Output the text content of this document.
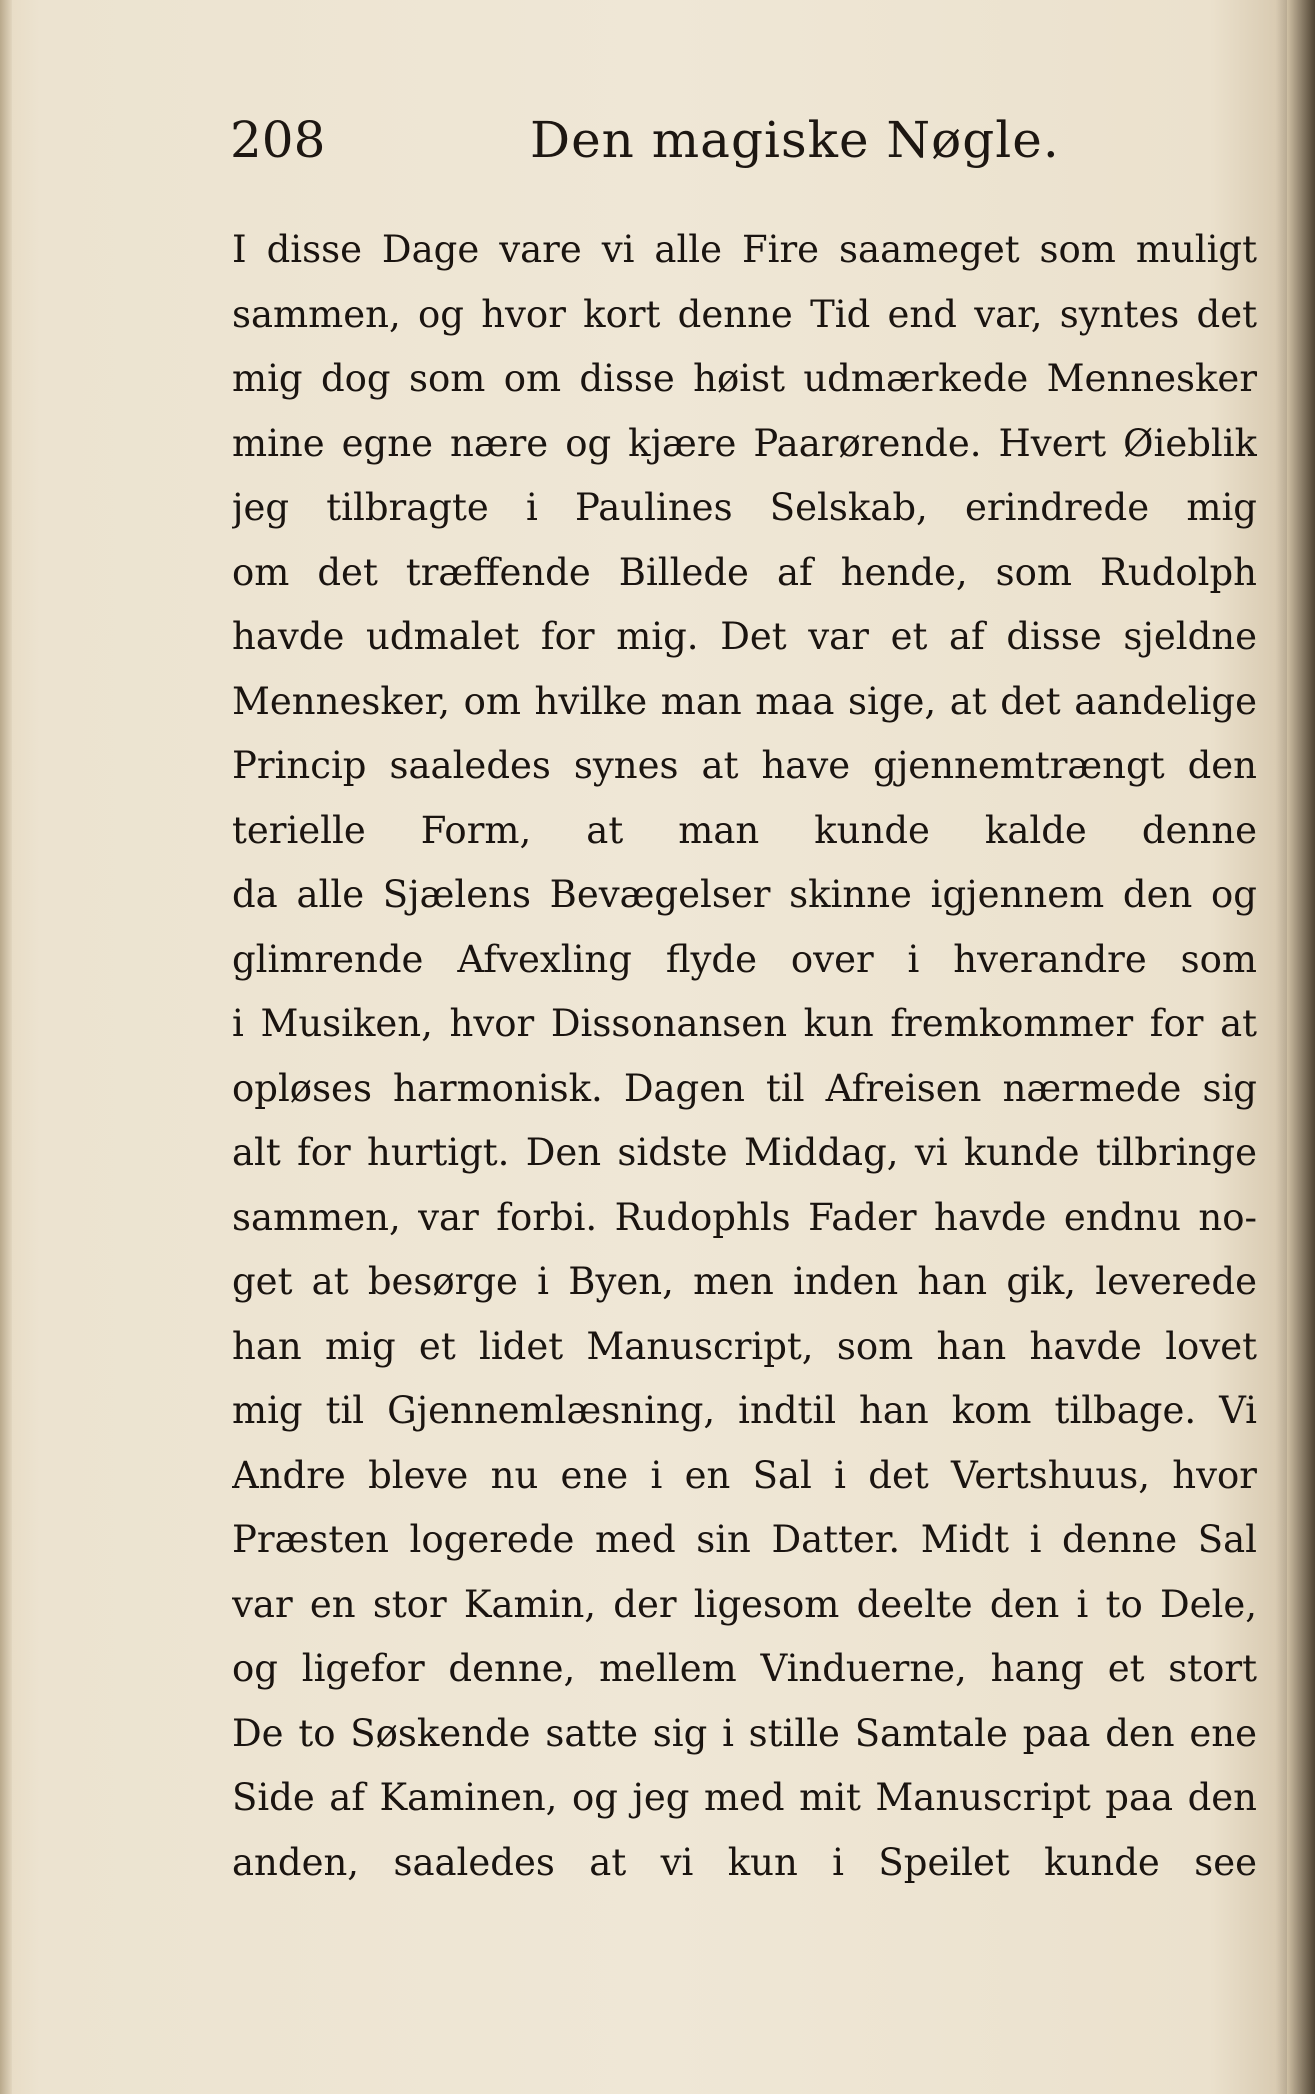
208	Den magiske Nøgle.
I disse Dage vare vi alle Fire saameget som muligt
sammen, og hvor kort denne Tid end var, syntes det
mig dog som om disse høist udmærkede Mennesker
mine egne nære og kjære Paarørende. Hvert Øieblik
jeg tilbragte i Paulines Selskab, erindrede mig
om det træffende Billede af hende, som Rudolph
havde udmalet for mig. Det var et af disse sjeldne
Mennesker, om hvilke man maa sige, at det aandelige
Princip saaledes synes at have gjennemtrængt den
terielle Form, at man kunde kalde denne
da alle Sjælens Bevægelser skinne igjennem den og
glimrende Afvexling flyde over i hverandre som
i Musiken, hvor Dissonansen kun fremkommer for at
opløses harmonisk. Dagen til Afreisen nærmede sig
alt for hurtigt. Den sidste Middag, vi kunde tilbringe
sammen, var forbi. Rudophls Fader havde endnu no-
get at besørge i Byen, men inden han gik, leverede
han mig et lidet Manuscript, som han havde lovet
mig til Gjennemlæsning, indtil han kom tilbage. Vi
Andre bleve nu ene i en Sal i det Vertshuus, hvor
Præsten logerede med sin Datter. Midt i denne Sal
var en stor Kamin, der ligesom deelte den i to Dele,
og ligefor denne, mellem Vinduerne, hang et stort
De to Søskende satte sig i stille Samtale paa den ene
Side af Kaminen, og jeg med mit Manuscript paa den
anden, saaledes at vi kun i Speilet kunde see
